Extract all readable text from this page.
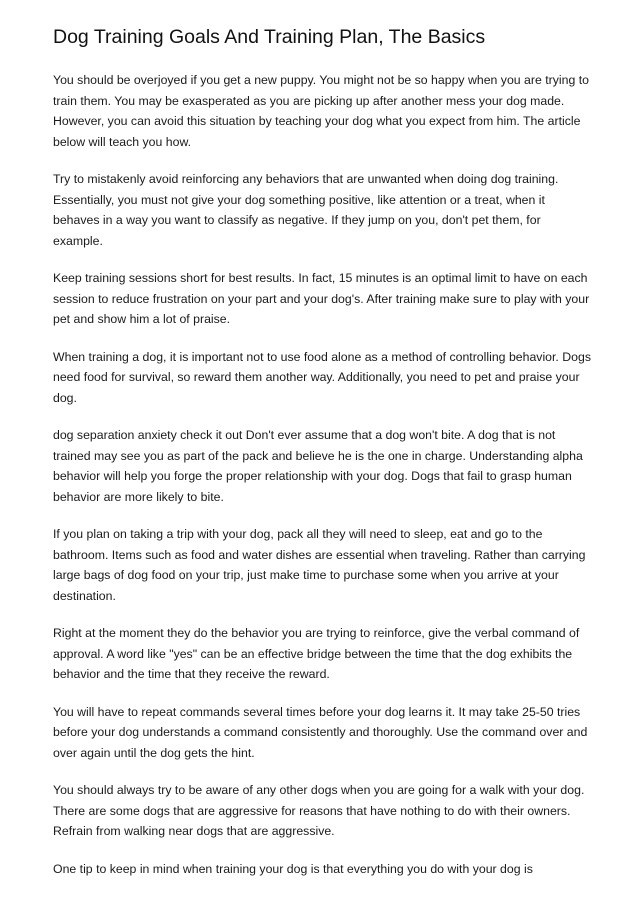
Dog Training Goals And Training Plan, The Basics

You should be overjoyed if you get a new puppy. You might not be so happy when you are trying to train them. You may be exasperated as you are picking up after another mess your dog made. However, you can avoid this situation by teaching your dog what you expect from him. The article below will teach you how.

Try to mistakenly avoid reinforcing any behaviors that are unwanted when doing dog training. Essentially, you must not give your dog something positive, like attention or a treat, when it behaves in a way you want to classify as negative. If they jump on you, don't pet them, for example.

Keep training sessions short for best results. In fact, 15 minutes is an optimal limit to have on each session to reduce frustration on your part and your dog's. After training make sure to play with your pet and show him a lot of praise.

When training a dog, it is important not to use food alone as a method of controlling behavior. Dogs need food for survival, so reward them another way. Additionally, you need to pet and praise your dog.

dog separation anxiety check it out Don't ever assume that a dog won't bite. A dog that is not trained may see you as part of the pack and believe he is the one in charge. Understanding alpha behavior will help you forge the proper relationship with your dog. Dogs that fail to grasp human behavior are more likely to bite.

If you plan on taking a trip with your dog, pack all they will need to sleep, eat and go to the bathroom. Items such as food and water dishes are essential when traveling. Rather than carrying large bags of dog food on your trip, just make time to purchase some when you arrive at your destination.

Right at the moment they do the behavior you are trying to reinforce, give the verbal command of approval. A word like "yes" can be an effective bridge between the time that the dog exhibits the behavior and the time that they receive the reward.

You will have to repeat commands several times before your dog learns it. It may take 25-50 tries before your dog understands a command consistently and thoroughly. Use the command over and over again until the dog gets the hint.

You should always try to be aware of any other dogs when you are going for a walk with your dog. There are some dogs that are aggressive for reasons that have nothing to do with their owners. Refrain from walking near dogs that are aggressive.

One tip to keep in mind when training your dog is that everything you do with your dog is
